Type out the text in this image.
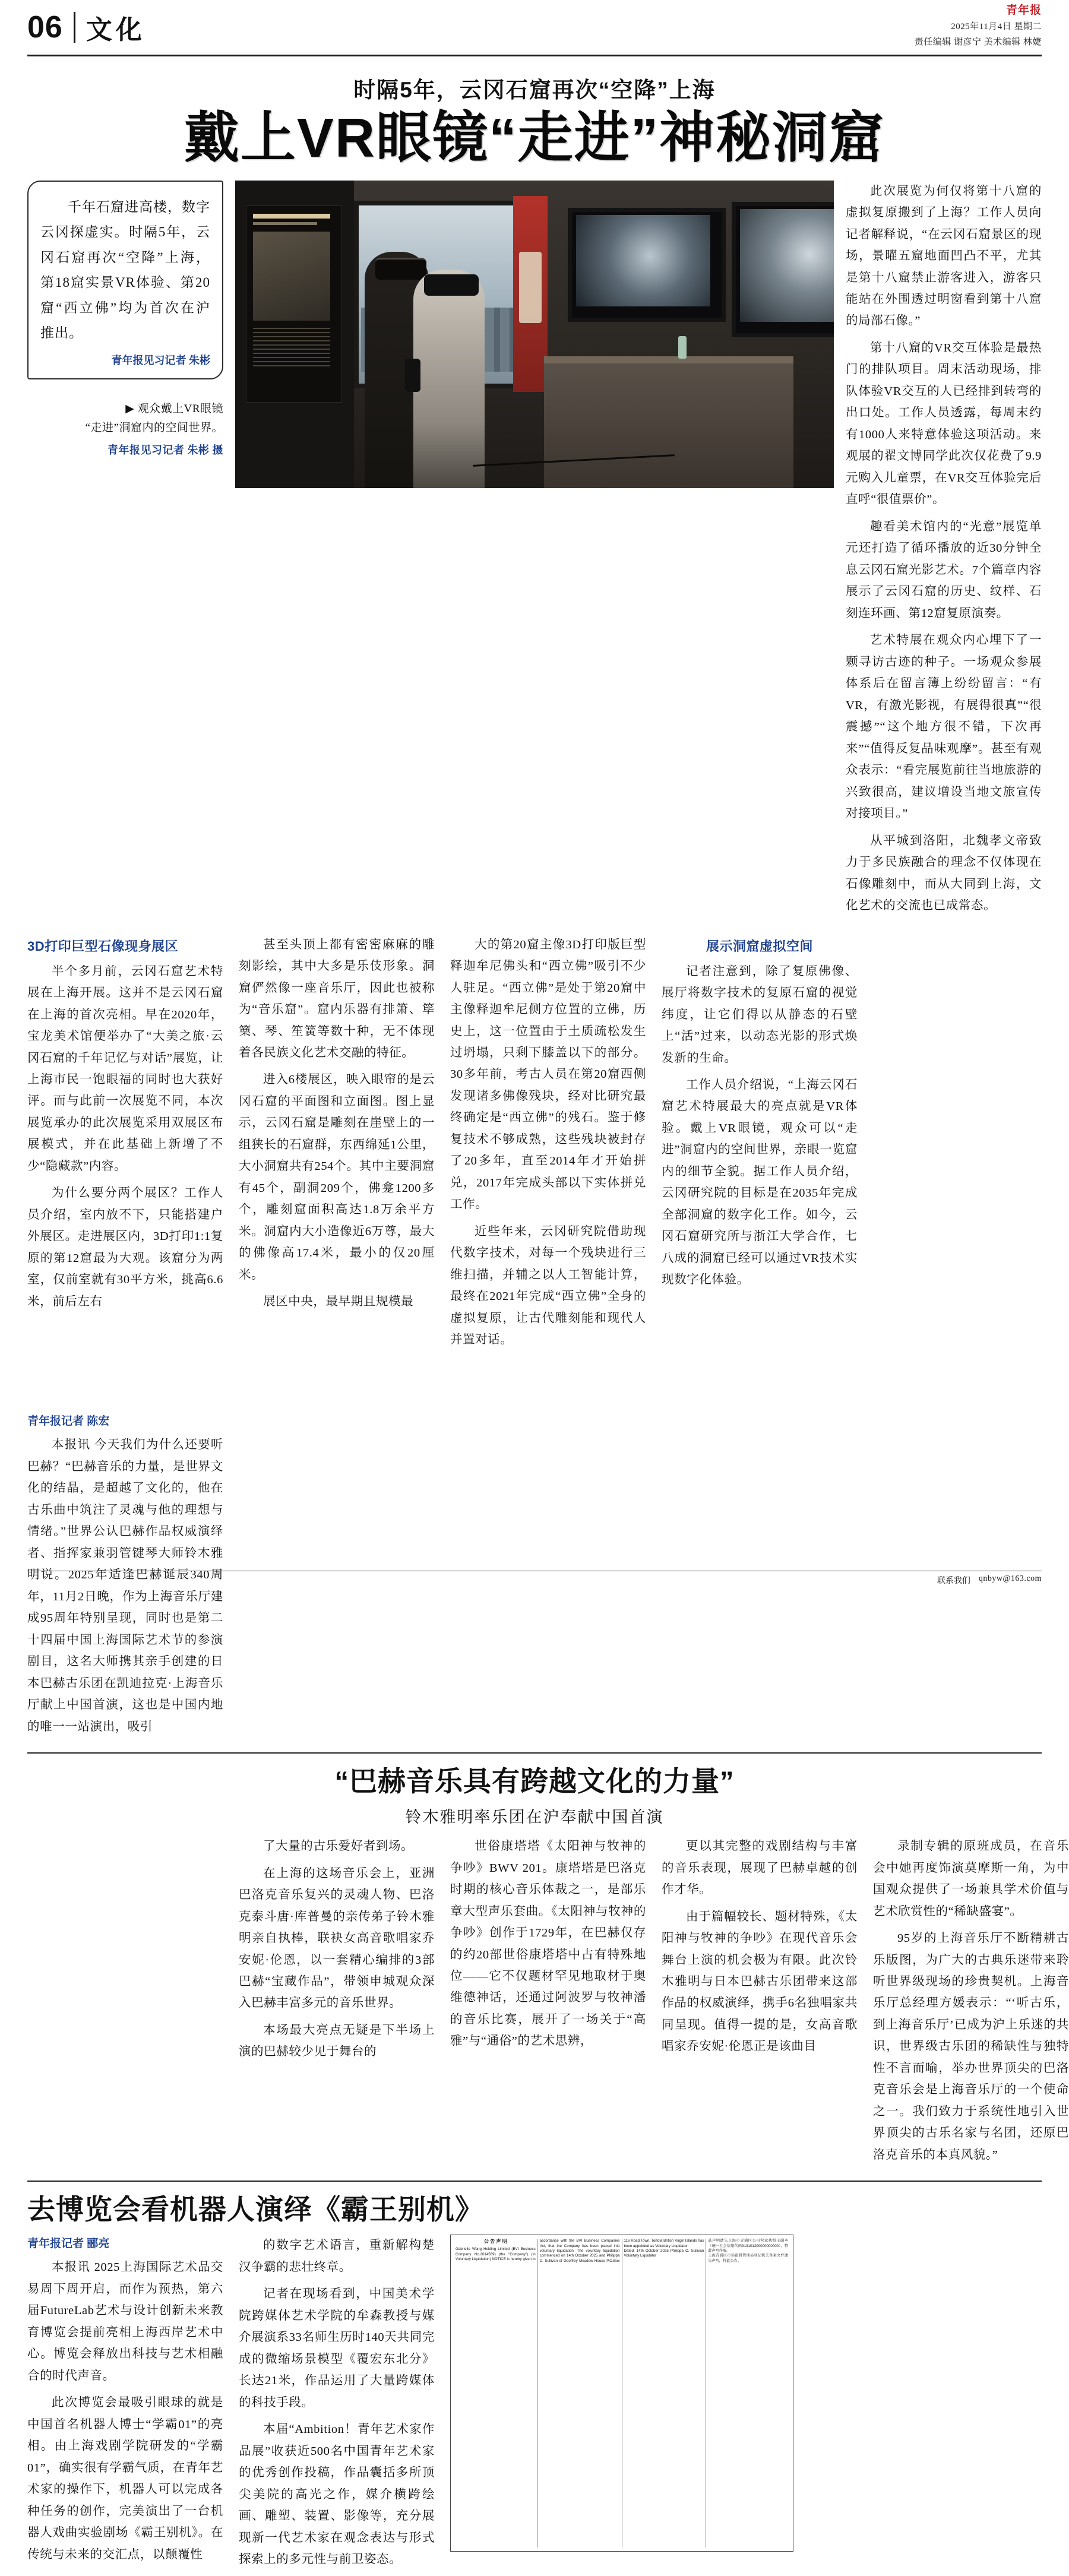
06 文化
青年报
2025年11月4日 星期二
责任编辑 谢彦宁 美术编辑 林婕
时隔5年，云冈石窟再次“空降”上海
戴上VR眼镜“走进”神秘洞窟
千年石窟进高楼，数字云冈探虚实。时隔5年，云冈石窟再次“空降”上海，第18窟实景VR体验、第20窟“西立佛”均为首次在沪推出。
青年报见习记者 朱彬
▶ 观众戴上VR眼镜
“走进”洞窟内的空间世界。
青年报见习记者 朱彬 摄

此次展览为何仅将第十八窟的虚拟复原搬到了上海？工作人员向记者解释说，“在云冈石窟景区的现场，景曜五窟地面凹凸不平，尤其是第十八窟禁止游客进入，游客只能站在外围透过明窗看到第十八窟的局部石像。”

第十八窟的VR交互体验是最热门的排队项目。周末活动现场，排队体验VR交互的人已经排到转弯的出口处。工作人员透露，每周末约有1000人来特意体验这项活动。来观展的翟文博同学此次仅花费了9.9元购入儿童票，在VR交互体验完后直呼“很值票价”。

趣看美术馆内的“光意”展览单元还打造了循环播放的近30分钟全息云冈石窟光影艺术。7个篇章内容展示了云冈石窟的历史、纹样、石刻连环画、第12窟复原演奏。

艺术特展在观众内心埋下了一颗寻访古迹的种子。一场观众参展体系后在留言簿上纷纷留言：“有VR，有激光影视，有展得很真”“很震撼”“这个地方很不错，下次再来”“值得反复品味观摩”。甚至有观众表示：“看完展览前往当地旅游的兴致很高，建议增设当地文旅宣传对接项目。”

从平城到洛阳，北魏孝文帝致力于多民族融合的理念不仅体现在石像雕刻中，而从大同到上海，文化艺术的交流也已成常态。

3D打印巨型石像现身展区

半个多月前，云冈石窟艺术特展在上海开展。这并不是云冈石窟在上海的首次亮相。早在2020年，宝龙美术馆便举办了“大美之旅·云冈石窟的千年记忆与对话”展览，让上海市民一饱眼福的同时也大获好评。而与此前一次展览不同，本次展览承办的此次展览采用双展区布展模式，并在此基础上新增了不少“隐藏款”内容。

为什么要分两个展区？工作人员介绍，室内放不下，只能搭建户外展区。走进展区内，3D打印1:1复原的第12窟最为大观。该窟分为两室，仅前室就有30平方米，挑高6.6米，前后左右

青年报记者 陈宏

本报讯 今天我们为什么还要听巴赫？“巴赫音乐的力量，是世界文化的结晶，是超越了文化的，他在古乐曲中筑注了灵魂与他的理想与情绪。”世界公认巴赫作品权威演绎者、指挥家兼羽管键琴大师铃木雅明说。2025年适逢巴赫诞辰340周年，11月2日晚，作为上海音乐厅建成95周年特别呈现，同时也是第二十四届中国上海国际艺术节的参演剧目，这名大师携其亲手创建的日本巴赫古乐团在凯迪拉克·上海音乐厅献上中国首演，这也是中国内地的唯一一站演出，吸引

甚至头顶上都有密密麻麻的雕刻影绘，其中大多是乐伎形象。洞窟俨然像一座音乐厅，因此也被称为“音乐窟”。窟内乐器有排箫、筚篥、琴、笙簧等数十种，无不体现着各民族文化艺术交融的特征。

进入6楼展区，映入眼帘的是云冈石窟的平面图和立面图。图上显示，云冈石窟是雕刻在崖壁上的一组狭长的石窟群，东西绵延1公里，大小洞窟共有254个。其中主要洞窟有45个，副洞209个，佛龛1200多个，雕刻窟面积高达1.8万余平方米。洞窟内大小造像近6万尊，最大的佛像高17.4米，最小的仅20厘米。

展区中央，最早期且规模最

大的第20窟主像3D打印版巨型释迦牟尼佛头和“西立佛”吸引不少人驻足。“西立佛”是处于第20窟中主像释迦牟尼侧方位置的立佛，历史上，这一位置由于土质疏松发生过坍塌，只剩下膝盖以下的部分。30多年前，考古人员在第20窟西侧发现诸多佛像残块，经对比研究最终确定是“西立佛”的残石。鉴于修复技术不够成熟，这些残块被封存了20多年，直至2014年才开始拼兑，2017年完成头部以下实体拼兑工作。

近些年来，云冈研究院借助现代数字技术，对每一个残块进行三维扫描，并辅之以人工智能计算，最终在2021年完成“西立佛”全身的虚拟复原，让古代雕刻能和现代人并置对话。

展示洞窟虚拟空间

记者注意到，除了复原佛像、展厅将数字技术的复原石窟的视觉纬度，让它们得以从静态的石壁上“活”过来，以动态光影的形式焕发新的生命。

工作人员介绍说，“上海云冈石窟艺术特展最大的亮点就是VR体验。戴上VR眼镜，观众可以“走进”洞窟内的空间世界，亲眼一览窟内的细节全貌。据工作人员介绍，云冈研究院的目标是在2035年完成全部洞窟的数字化工作。如今，云冈石窟研究所与浙江大学合作，七八成的洞窟已经可以通过VR技术实现数字化体验。

“巴赫音乐具有跨越文化的力量”
铃木雅明率乐团在沪奉献中国首演

了大量的古乐爱好者到场。

在上海的这场音乐会上，亚洲巴洛克音乐复兴的灵魂人物、巴洛克泰斗唐·库普曼的亲传弟子铃木雅明亲自执棒，联袂女高音歌唱家乔安妮·伦恩，以一套精心编排的3部巴赫“宝藏作品”，带领申城观众深入巴赫丰富多元的音乐世界。

本场最大亮点无疑是下半场上演的巴赫较少见于舞台的

世俗康塔塔《太阳神与牧神的争吵》BWV 201。康塔塔是巴洛克时期的核心音乐体裁之一，是部乐章大型声乐套曲。《太阳神与牧神的争吵》创作于1729年，在巴赫仅存的约20部世俗康塔塔中占有特殊地位——它不仅题材罕见地取材于奥维德神话，还通过阿波罗与牧神潘的音乐比赛，展开了一场关于“高雅”与“通俗”的艺术思辨，

更以其完整的戏剧结构与丰富的音乐表现，展现了巴赫卓越的创作才华。

由于篇幅较长、题材特殊，《太阳神与牧神的争吵》在现代音乐会舞台上演的机会极为有限。此次铃木雅明与日本巴赫古乐团带来这部作品的权威演绎，携手6名独唱家共同呈现。值得一提的是，女高音歌唱家乔安妮·伦恩正是该曲目

录制专辑的原班成员，在音乐会中她再度饰演莫摩斯一角，为中国观众提供了一场兼具学术价值与艺术欣赏性的“稀缺盛宴”。

95岁的上海音乐厅不断精耕古乐版图，为广大的古典乐迷带来聆听世界级现场的珍贵契机。上海音乐厅总经理方媛表示：“‘听古乐，到上海音乐厅’已成为沪上乐迷的共识，世界级古乐团的稀缺性与独特性不言而喻，举办世界顶尖的巴洛克音乐会是上海音乐厅的一个使命之一。我们致力于系统性地引入世界顶尖的古乐名家与名团，还原巴洛克音乐的本真风貌。”

去博览会看机器人演绎《霸王别机》
青年报记者 郦亮

本报讯 2025上海国际艺术品交易周下周开启，而作为预热，第六届FutureLab艺术与设计创新未来教育博览会提前亮相上海西岸艺术中心。博览会释放出科技与艺术相融合的时代声音。

此次博览会最吸引眼球的就是中国首名机器人博士“学霸01”的亮相。由上海戏剧学院研发的“学霸01”，确实很有学霸气质，在青年艺术家的操作下，机器人可以完成各种任务的创作，完美演出了一台机器人戏曲实验剧场《霸王别机》。在传统与未来的交汇点，以颠覆性

的数字艺术语言，重新解构楚汉争霸的悲壮终章。

记者在现场看到，中国美术学院跨媒体艺术学院的牟森教授与媒介展演系33名师生历时140天共同完成的微缩场景模型《覆宏东北分》长达21米，作品运用了大量跨媒体的科技手段。

本届“Ambition！青年艺术家作品展”收获近500名中国青年艺术家的优秀创作投稿，作品囊括多所顶尖美院的高光之作，媒介横跨绘画、雕塑、装置、影像等，充分展现新一代艺术家在观念表达与形式探索上的多元性与前卫姿态。

公 告 声 明
Gabrielle Wang Holding Limited (BVI Business Company No.2014569) (the "Company") (In Voluntary Liquidation) NOTICE is hereby given in accordance with the BVI Business Companies Act, that the Company has been placed into voluntary liquidation. The voluntary liquidation commenced on 14th October 2025 and Philippa C. Sullivan of Geoffrey Meadow House P.O.Box 116 Road Town, Tortola British Virgin Islands has been appointed as Voluntary Liquidator.
Dated: 14th October 2025 Philippa O. Sullivan Voluntary Liquidator
兹声明遗失上海市青浦区公司营业执照正副本（统一社会信用代码913101200000000000），特此声明作废。
上海青浦区市场监督管理局登记机关备案文件遗失声明，特此公告。
联系我们 qnbyw@163.com
